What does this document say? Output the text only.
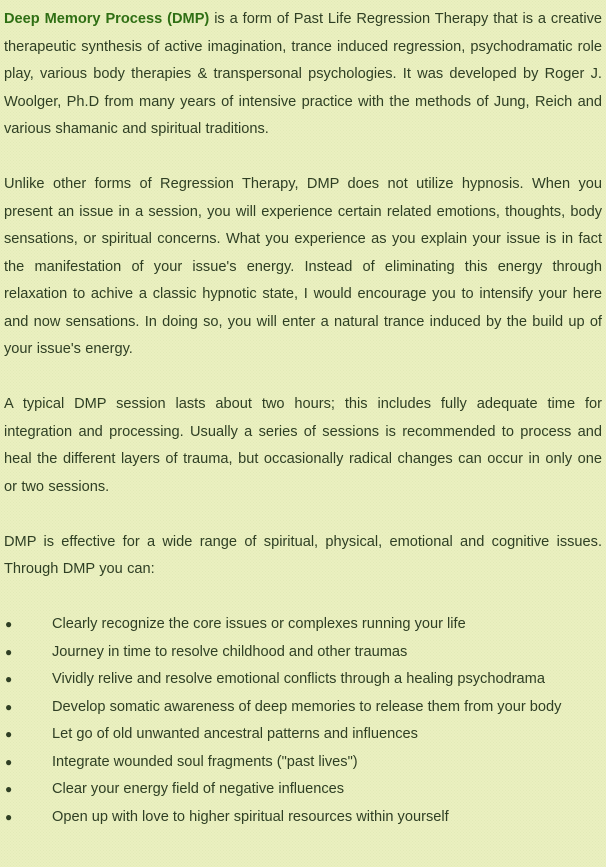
Deep Memory Process (DMP) is a form of Past Life Regression Therapy that is a creative therapeutic synthesis of active imagination, trance induced regression, psychodramatic role play, various body therapies & transpersonal psychologies. It was developed by Roger J. Woolger, Ph.D from many years of intensive practice with the methods of Jung, Reich and various shamanic and spiritual traditions.

Unlike other forms of Regression Therapy, DMP does not utilize hypnosis. When you present an issue in a session, you will experience certain related emotions, thoughts, body sensations, or spiritual concerns. What you experience as you explain your issue is in fact the manifestation of your issue's energy. Instead of eliminating this energy through relaxation to achive a classic hypnotic state, I would encourage you to intensify your here and now sensations. In doing so, you will enter a natural trance induced by the build up of your issue's energy.

A typical DMP session lasts about two hours; this includes fully adequate time for integration and processing. Usually a series of sessions is recommended to process and heal the different layers of trauma, but occasionally radical changes can occur in only one or two sessions.

DMP is effective for a wide range of spiritual, physical, emotional and cognitive issues. Through DMP you can:

●	Clearly recognize the core issues or complexes running your life
●	Journey in time to resolve childhood and other traumas
●	Vividly relive and resolve emotional conflicts through a healing psychodrama
●	Develop somatic awareness of deep memories to release them from your body
●	Let go of old unwanted ancestral patterns and influences
●	Integrate wounded soul fragments ("past lives")
●	Clear your energy field of negative influences
●	Open up with love to higher spiritual resources within yourself
